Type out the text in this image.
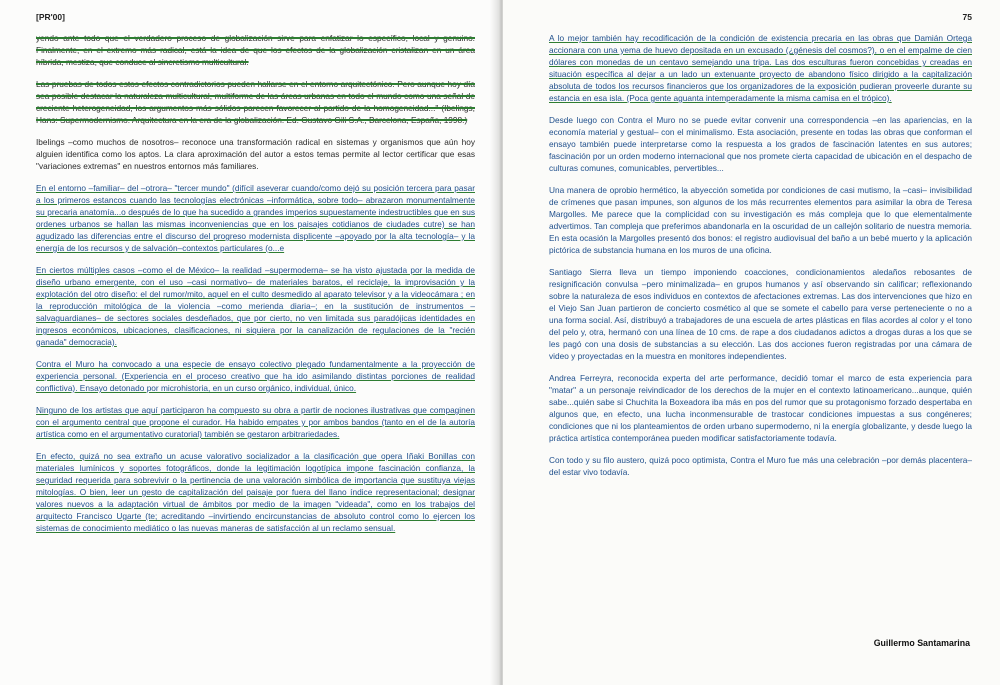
[PR'00]

yendo ante todo que el verdadero proceso de globalización sirve para enfatizar lo específico, local y genuino. Finalmente, en el extremo más radical, está la idea de que los efectos de la globalización cristalizan en un área híbrida, mestiza, que conduce al sincretismo multicultural.

Las pruebas de todos estos efectos contradictorios pueden hallarse en el entorno arquitectónico. Pero aunque hoy día sea posible destacar la naturaleza multicultural, multiforme de las áreas urbanas en todo el mundo como una señal de creciente heterogeneidad, los argumentos más sólidos parecen favorecer al partido de la homogeneidad..." (Ibelings, Hans: Supermodernismo. Arquitectura en la era de la globalización. Ed. Gustavo Gili S.A., Barcelona, España, 1998.)

Ibelings –como muchos de nosotros– reconoce una transformación radical en sistemas y organismos que aún hoy alguien identifica como los aptos. La clara aproximación del autor a estos temas permite al lector certificar que esas "variaciones extremas" en nuestros entornos más familiares.

En el entorno –familiar– del –otrora– "tercer mundo" (difícil aseverar cuando/como dejó su posición tercera para pasar a los primeros estancos cuando las tecnologías electrónicas –informática, sobre todo– abrazaron monumentalmente su precaria anatomía...o después de lo que ha sucedido a grandes imperios supuestamente indestructibles que en sus ordenes urbanos se hallan las mismas inconveniencias que en los paisajes cotidianos de ciudades cutre) se han agudizado las diferencias entre el discurso del progreso modernista displicente –apoyado por la alta tecnología– y la energía de los recursos y de salvación–contextos particulares (o...e

En ciertos múltiples casos –como el de México– la realidad –supermoderna– se ha visto ajustada por la medida de diseño urbano emergente, con el uso –casi normativo– de materiales baratos, el reciclaje, la improvisación y la explotación del otro diseño: el del rumor/mito, aquel en el culto desmedido al aparato televisor y a la videocámara ; en la reproducción mitológica de la violencia –como merienda diaria–; en la sustitución de instrumentos –salvaguardianes– de sectores sociales desdeñados, que por cierto, no ven limitada sus paradójicas identidades en ingresos económicos, ubicaciones, clasificaciones, ni siquiera por la canalización de regulaciones de la "recién ganada" democracia).

Contra el Muro ha convocado a una especie de ensayo colectivo plegado fundamentalmente a la proyección de experiencia personal. (Experiencia en el proceso creativo que ha ido asimilando distintas porciones de realidad conflictiva). Ensayo detonado por microhistoria, en un curso orgánico, individual, único.

Ninguno de los artistas que aquí participaron ha compuesto su obra a partir de nociones ilustrativas que compaginen con el argumento central que propone el curador. Ha habido empates y por ambos bandos (tanto en el de la autoría artística como en el argumentativo curatorial) también se gestaron arbitrariedades.

En efecto, quizá no sea extraño un acuse valorativo socializador a la clasificación que opera Iñaki Bonillas con materiales lumínicos y soportes fotográficos, donde la legitimación logotípica impone fascinación confianza, la seguridad requerida para sobrevivir o la pertinencia de una valoración simbólica de importancia que sustituya viejas mitologías. O bien, leer un gesto de capitalización del paisaje por fuera del llano índice representacional; designar valores nuevos a la adaptación virtual de ámbitos por medio de la imagen "videada", como en los trabajos del arquitecto Francisco Ugarte (te; acreditando –invirtiendo encircunstancias de absoluto control como lo ejercen los sistemas de conocimiento mediático o las nuevas maneras de satisfacción al un reclamo sensual.

75

A lo mejor también hay recodificación de la condición de existencia precaria en las obras que Damián Ortega accionara con una yema de huevo depositada en un excusado (¿génesis del cosmos?), o en el empalme de cien dólares con monedas de un centavo semejando una tripa. Las dos esculturas fueron concebidas y creadas en situación específica al dejar a un lado un extenuante proyecto de abandono físico dirigido a la capitalización absoluta de todos los recursos financieros que los organizadores de la exposición pudieran proveerle durante su estancia en esa isla. (Poca gente aguanta intemperadamente la misma camisa en el trópico).

Desde luego con Contra el Muro no se puede evitar convenir una correspondencia –en las apariencias, en la economía material y gestual– con el minimalismo. Esta asociación, presente en todas las obras que conforman el ensayo también puede interpretarse como la respuesta a los grados de fascinación latentes en sus autores; fascinación por un orden moderno internacional que nos promete cierta capacidad de ubicación en el despacho de culturas comunes, comunicables, pervertibles...

Una manera de oprobio hermético, la abyección sometida por condiciones de casi mutismo, la –casi– invisibilidad de crímenes que pasan impunes, son algunos de los más recurrentes elementos para asimilar la obra de Teresa Margolles. Me parece que la complicidad con su investigación es más compleja que lo que elementalmente advertimos. Tan compleja que preferimos abandonarla en la oscuridad de un callejón solitario de nuestra memoria. En esta ocasión la Margolles presentó dos bonos: el registro audiovisual del baño a un bebé muerto y la aplicación pictórica de substancia humana en los muros de una oficina.

Santiago Sierra lleva un tiempo imponiendo coacciones, condicionamientos aledaños rebosantes de resignificación convulsa –pero minimalizada– en grupos humanos y así observando sin calificar; reflexionando sobre la naturaleza de esos individuos en contextos de afectaciones extremas. Las dos intervenciones que hizo en el Viejo San Juan partieron de concierto cosmético al que se somete el cabello para verse perteneciente o no a una forma social. Así, distribuyó a trabajadores de una escuela de artes plásticas en filas acordes al color y el tono del pelo y, otra, hermanó con una línea de 10 cms. de rape a dos ciudadanos adictos a drogas duras a los que se les pagó con una dosis de substancias a su elección. Las dos acciones fueron registradas por una cámara de video y proyectadas en la muestra en monitores independientes.

Andrea Ferreyra, reconocida experta del arte performance, decidió tomar el marco de esta experiencia para "matar" a un personaje reivindicador de los derechos de la mujer en el contexto latinoamericano...aunque, quién sabe...quién sabe si Chuchita la Boxeadora iba más en pos del rumor que su protagonismo forzado despertaba en algunos que, en efecto, una lucha inconmensurable de trastocar condiciones impuestas a sus congéneres; condiciones que ni los planteamientos de orden urbano supermoderno, ni la energía globalizante, y desde luego la práctica artística contemporánea pueden modificar satisfactoriamente todavía.

Con todo y su filo austero, quizá poco optimista, Contra el Muro fue más una celebración –por demás placentera– del estar vivo todavía.

Guillermo Santamarina
